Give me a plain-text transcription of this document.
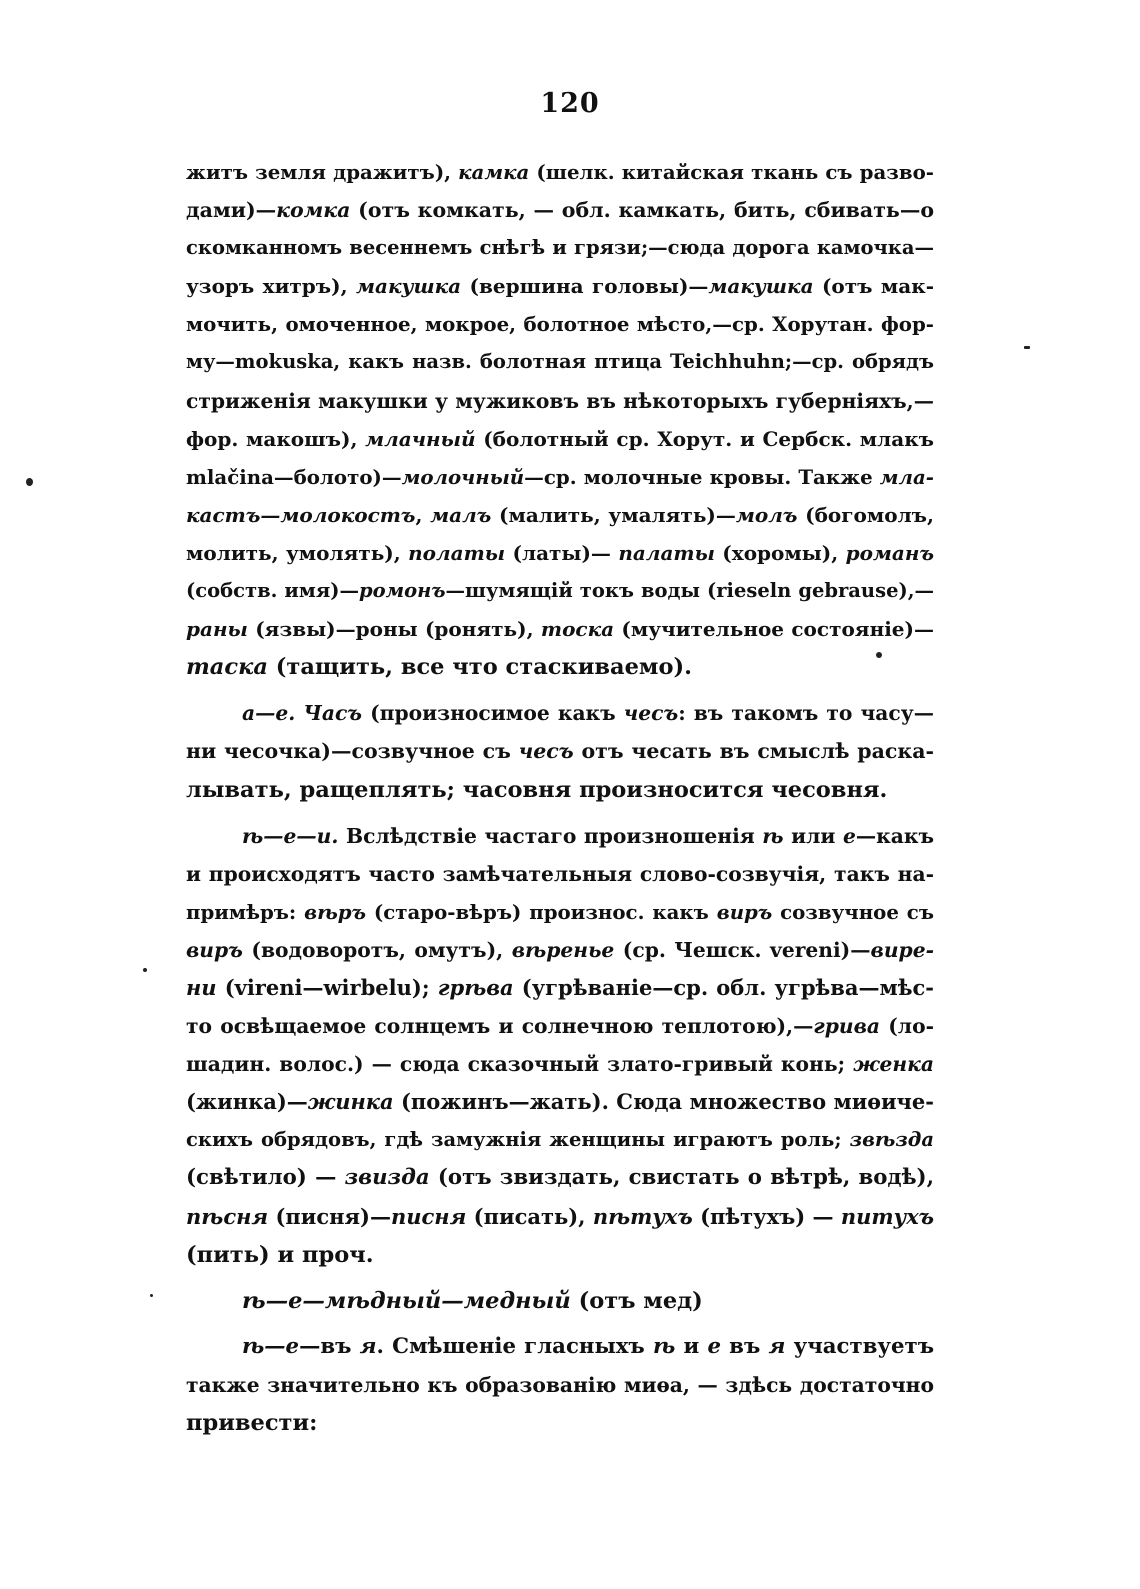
120
житъ земля дражитъ), камка (шелк. китайская ткань съ разво-
дами)—комка (отъ комкать, — обл. камкать, бить, сбивать—о
скомканномъ весеннемъ снѣгѣ и грязи;—сюда дорога камочка—
узоръ хитръ), макушка (вершина головы)—макушка (отъ мак-
мочить, омоченное, мокрое, болотное мѣсто,—ср. Хорутан. фор-
му—mokuska, какъ назв. болотная птица Teichhuhn;—ср. обрядъ
стриженія макушки у мужиковъ въ нѣкоторыхъ губерніяхъ,—
фор. макошъ), млачный (болотный ср. Хорут. и Сербск. млакъ
mlačina—болото)—молочный—ср. молочные кровы. Также мла-
кастъ—молокостъ, малъ (малить, умалять)—молъ (богомолъ,
молить, умолять), полаты (латы)— палаты (хоромы), романъ
(собств. имя)—ромонъ—шумящій токъ воды (rieseln gebrause),—
раны (язвы)—роны (ронять), тоска (мучительное состояніе)—
таска (тащить, все что стаскиваемо).
а—е. Часъ (произносимое какъ чесъ: въ такомъ то часу—
ни чесочка)—созвучное съ чесъ отъ чесать въ смыслѣ раска-
лывать, ращеплять; часовня произносится чесовня.
ѣ—е—и. Вслѣдствіе частаго произношенія ѣ или е—какъ
и происходятъ часто замѣчательныя слово-созвучія, такъ на-
примѣръ: вѣръ (старо-вѣръ) произнос. какъ виръ созвучное съ
виръ (водоворотъ, омутъ), вѣренье (ср. Чешск. vereni)—вире-
ни (vireni—wirbelu); грѣва (угрѣваніе—ср. обл. угрѣва—мѣс-
то освѣщаемое солнцемъ и солнечною теплотою),—грива (ло-
шадин. волос.) — сюда сказочный злато-гривый конь; женка
(жинка)—жинка (пожинъ—жать). Сюда множество миѳиче-
скихъ обрядовъ, гдѣ замужнія женщины играютъ роль; звѣзда
(свѣтило) — звизда (отъ звиздать, свистать о вѣтрѣ, водѣ),
пѣсня (писня)—писня (писать), пѣтухъ (пѣтухъ) — питухъ
(пить) и проч.
ѣ—е—мѣдный—медный (отъ мед)
ѣ—е—въ я. Смѣшеніе гласныхъ ѣ и е въ я участвуетъ
также значительно къ образованію миѳа, — здѣсь достаточно
привести:
